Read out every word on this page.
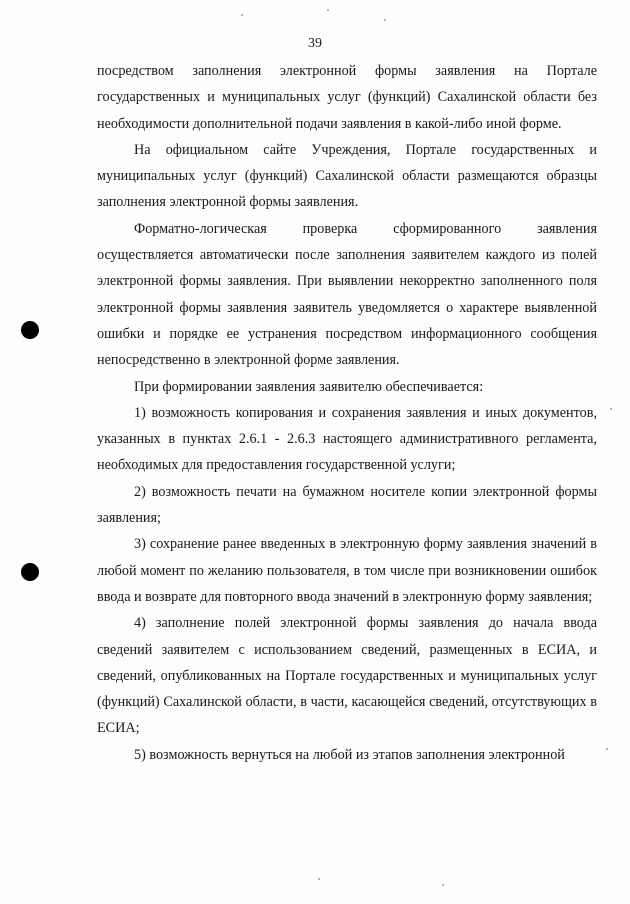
39

посредством заполнения электронной формы заявления на Портале государственных и муниципальных услуг (функций) Сахалинской области без необходимости дополнительной подачи заявления в какой-либо иной форме.

На официальном сайте Учреждения, Портале государственных и муниципальных услуг (функций) Сахалинской области размещаются образцы заполнения электронной формы заявления.

Форматно-логическая проверка сформированного заявления осуществляется автоматически после заполнения заявителем каждого из полей электронной формы заявления. При выявлении некорректно заполненного поля электронной формы заявления заявитель уведомляется о характере выявленной ошибки и порядке ее устранения посредством информационного сообщения непосредственно в электронной форме заявления.

При формировании заявления заявителю обеспечивается:

1) возможность копирования и сохранения заявления и иных документов, указанных в пунктах 2.6.1 - 2.6.3 настоящего административного регламента, необходимых для предоставления государственной услуги;

2) возможность печати на бумажном носителе копии электронной формы заявления;

3) сохранение ранее введенных в электронную форму заявления значений в любой момент по желанию пользователя, в том числе при возникновении ошибок ввода и возврате для повторного ввода значений в электронную форму заявления;

4) заполнение полей электронной формы заявления до начала ввода сведений заявителем с использованием сведений, размещенных в ЕСИА, и сведений, опубликованных на Портале государственных и муниципальных услуг (функций) Сахалинской области, в части, касающейся сведений, отсутствующих в ЕСИА;

5) возможность вернуться на любой из этапов заполнения электронной
